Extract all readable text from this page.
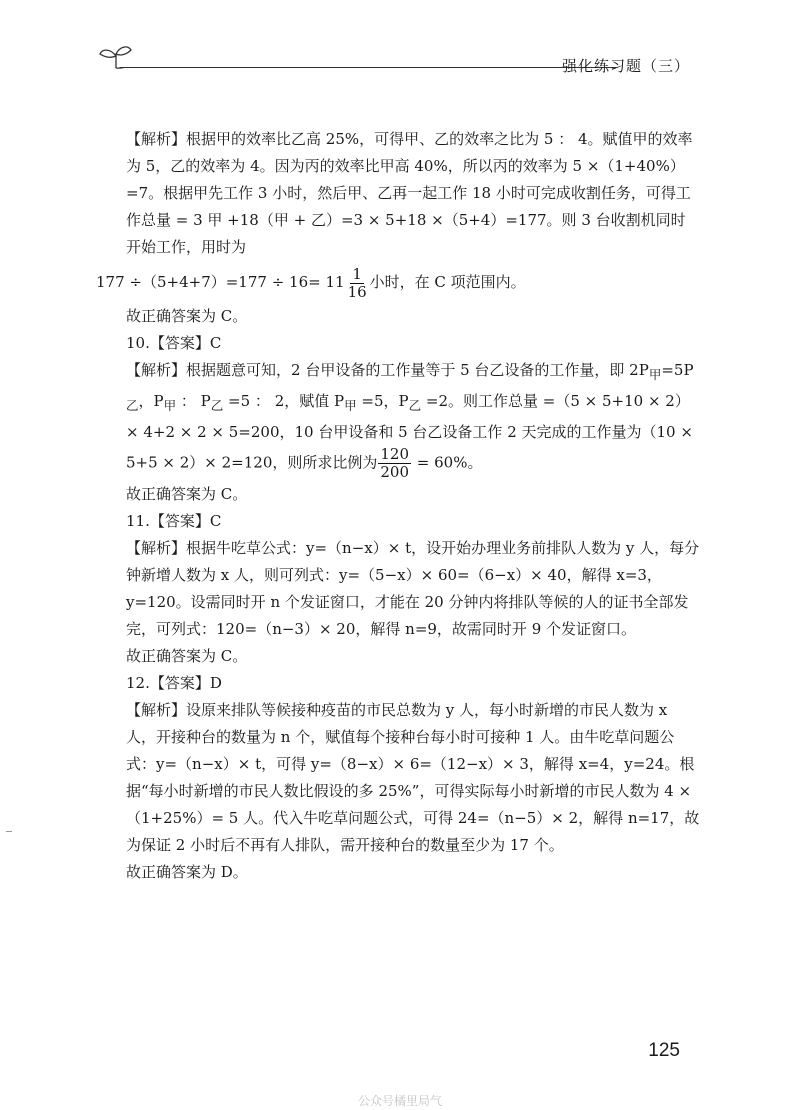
强化练习题（三）

【解析】根据甲的效率比乙高 25%，可得甲、乙的效率之比为 5 ： 4。赋值甲的效率为 5，乙的效率为 4。因为丙的效率比甲高 40%，所以丙的效率为 5 ×（1+40%）=7。根据甲先工作 3 小时，然后甲、乙再一起工作 18 小时可完成收割任务，可得工作总量 = 3 甲 +18（甲 + 乙）=3 × 5+18 ×（5+4）=177。则 3 台收割机同时开始工作，用时为

$177 \div(5+4+7)=177 \div 16= 11 \frac{1}{16}$ 小时，在 C 项范围内。

故正确答案为 C。

10.【答案】C

【解析】根据题意可知，2 台甲设备的工作量等于 5 台乙设备的工作量，即 $2P_甲=5P_乙$，$P_甲$ ： $P_乙 =5$ ： 2，赋值 $P_甲 =5$，$P_乙 =2$。则工作总量 =（5 × 5+10 × 2）× 4+2 × 2 × 5=200，10 台甲设备和 5 台乙设备工作 2 天完成的工作量为（10 × 5+5 × 2）× 2=120，则所求比例为 $\frac{120}{200} = 60\%$。

故正确答案为 C。

11.【答案】C

【解析】根据牛吃草公式：y=（n−x）× t，设开始办理业务前排队人数为 y 人，每分钟新增人数为 x 人，则可列式：y=（5−x）× 60=（6−x）× 40，解得 x=3，y=120。设需同时开 n 个发证窗口，才能在 20 分钟内将排队等候的人的证书全部发完，可列式：120=（n−3）× 20，解得 n=9，故需同时开 9 个发证窗口。

故正确答案为 C。

12.【答案】D

【解析】设原来排队等候接种疫苗的市民总数为 y 人，每小时新增的市民人数为 x 人，开接种台的数量为 n 个，赋值每个接种台每小时可接种 1 人。由牛吃草问题公式：y=（n−x）× t，可得 y=（8−x）× 6=（12−x）× 3，解得 x=4，y=24。根据“每小时新增的市民人数比假设的多 25%”，可得实际每小时新增的市民人数为 4 ×（1+25%）= 5 人。代入牛吃草问题公式，可得 24=（n−5）× 2，解得 n=17，故为保证 2 小时后不再有人排队，需开接种台的数量至少为 17 个。

故正确答案为 D。

125
公众号橘里局气
